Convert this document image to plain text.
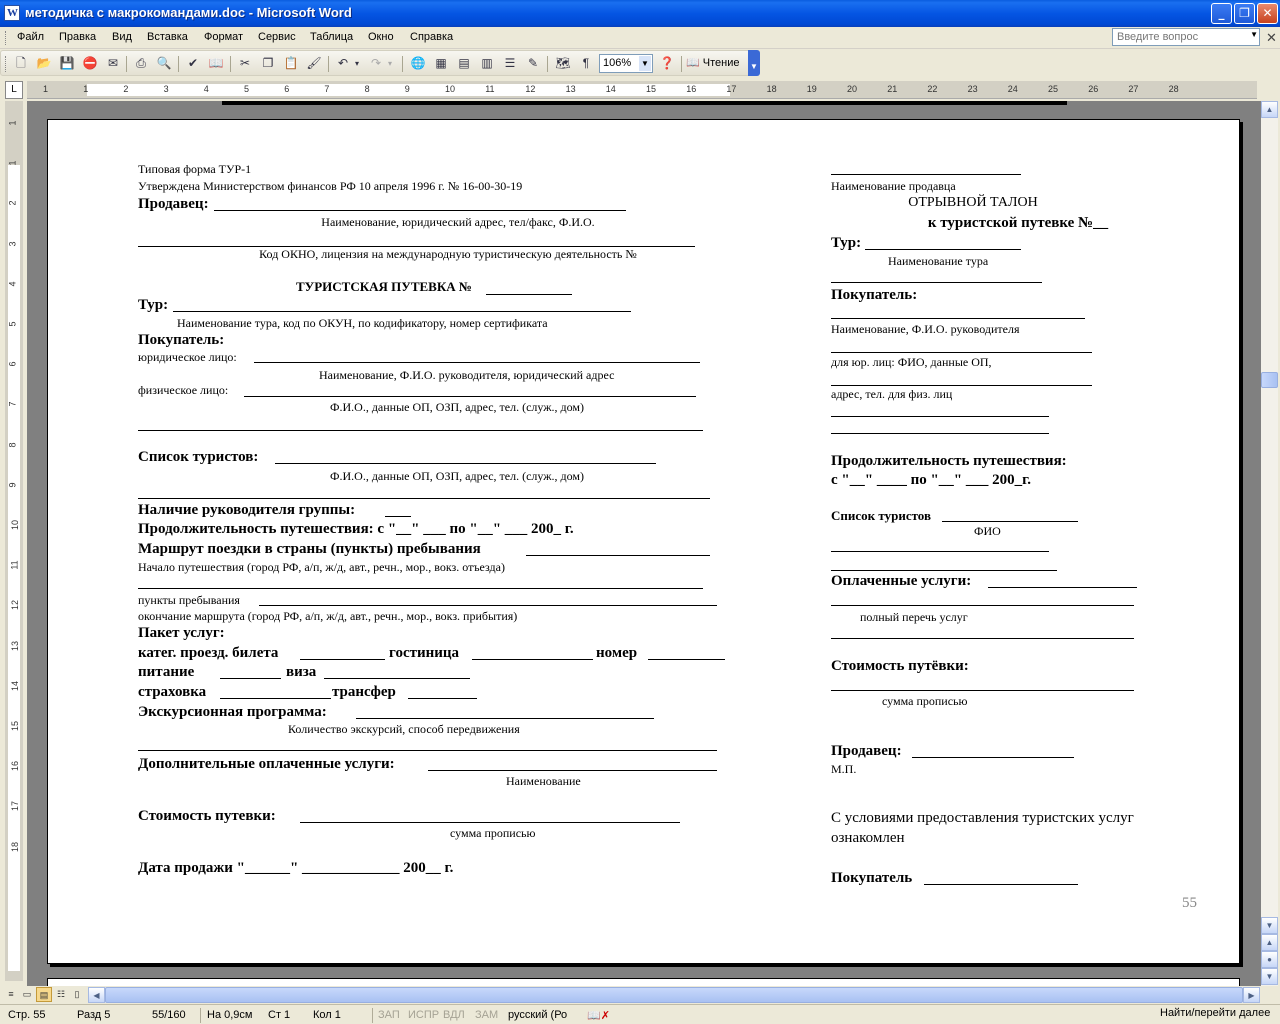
W методичка с макрокомандами.doc - Microsoft Word	_	❐	✕
Файл Правка Вид Вставка Формат Сервис Таблица Окно Справка	Введите вопрос	▼ ✕
🗋 📂 💾 ⛔ ✉	⎙ 🔍	✔ 📖	✂	❐ 📋 🖌	↶ ▾ ↷ ▾ 🌐 ▦ ▤ ▥ ☰	✎	🗺	¶	106% ▼ ❓ 📖 Чтение ▼
L	1	1	2	3	4	5	6	7	8	9	10	11	12	13	14	15	16	17	18	19	20	21	22	23	24	25	26	27	28
1
1
2
3
4
5
6
7
8
9
10
11
12
13
14
15
16
17
18
Типовая форма ТУР-1
Утверждена Министерством финансов РФ 10 апреля 1996 г. № 16-00-30-19
Продавец:
Наименование, юридический адрес, тел/факс, Ф.И.О.
Код ОКНО, лицензия на международную туристическую деятельность №
ТУРИСТСКАЯ ПУТЕВКА №
Тур:
Наименование тура, код по ОКУН, по кодификатору, номер сертификата
Покупатель:
юридическое лицо:
Наименование, Ф.И.О. руководителя, юридический адрес
физическое лицо:
Ф.И.О., данные ОП, ОЗП, адрес, тел. (служ., дом)
Список туристов:
Ф.И.О., данные ОП, ОЗП, адрес, тел. (служ., дом)
Наличие руководителя группы:
Продолжительность путешествия: с "__" ___ по "__" ___ 200_ г.
Маршрут поездки в страны (пункты) пребывания
Начало путешествия (город РФ, а/п, ж/д, авт., речн., мор., вокз. отъезда)
пункты пребывания
окончание маршрута (город РФ, а/п, ж/д, авт., речн., мор., вокз. прибытия)
Пакет услуг:
катег. проезд. билета	гостиница	номер
питание	виза
страховка	трансфер
Экскурсионная программа:
Количество экскурсий, способ передвижения
Дополнительные оплаченные услуги:
Наименование
Стоимость путевки:
сумма прописью
Дата продажи "______" _____________ 200__ г.
Наименование продавца
ОТРЫВНОЙ ТАЛОН
к туристской путевке №__
Тур:
Наименование тура
Покупатель:
Наименование, Ф.И.О. руководителя
для юр. лиц: ФИО, данные ОП,
адрес, тел. для физ. лиц
Продолжительность путешествия:
с "__" ____ по "__" ___ 200_г.
Список туристов
ФИО
Оплаченные услуги:
полный перечь услуг
Стоимость путёвки:
сумма прописью
Продавец:
М.П.
С условиями предоставления туристских услуг
ознакомлен
Покупатель
55
▲
▼
▲
●
▼
≡	▭ ▤ ☷	▯	◀	▶
Стр. 55	Разд 5	55/160 На 0,9см Ст 1 Кол 1	ЗАП ИСПР ВДЛ ЗАМ русский (Ро 📖✗	Найти/перейти далее
